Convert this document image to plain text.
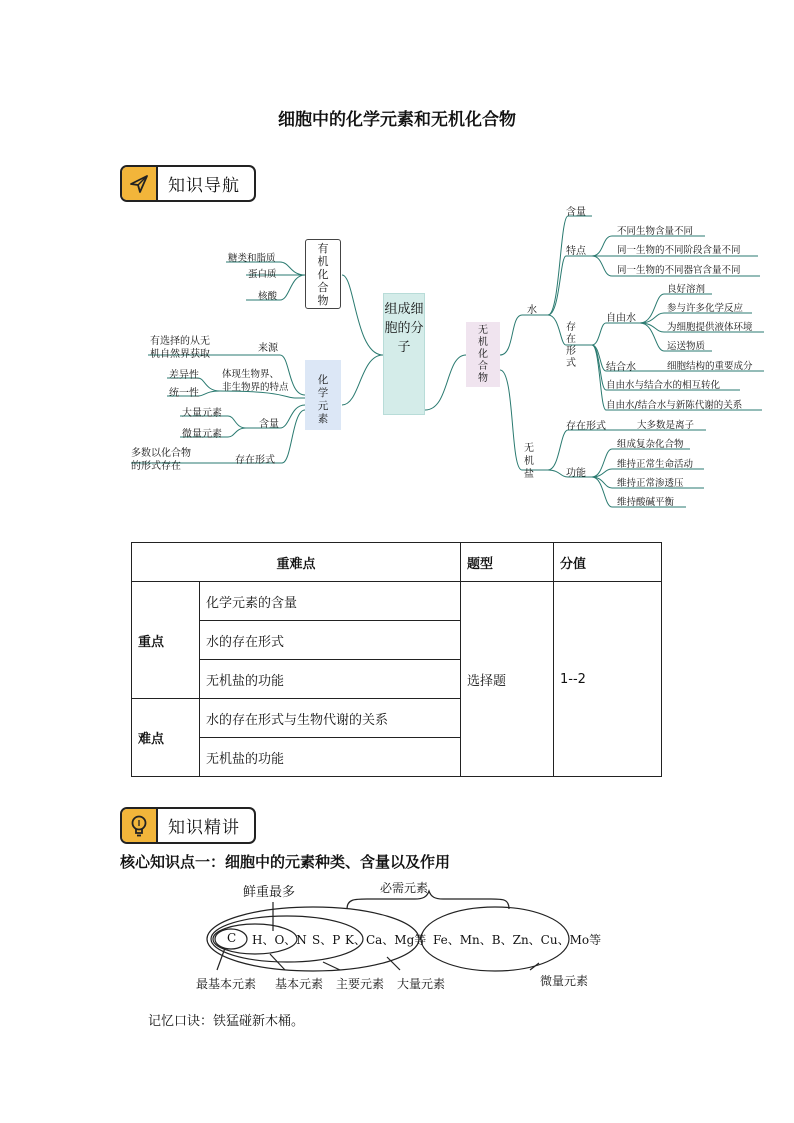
细胞中的化学元素和无机化合物
知识导航
组成细胞的分子
有机化合物
化学元素
无机化合物
糖类和脂质
蛋白质
核酸
来源
有选择的从无
机自然界获取
体现生物界、
非生物界的特点
差异性
统一性
大量元素
微量元素
含量
存在形式
多数以化合物
的形式存在
水
含量
特点
不同生物含量不同
同一生物的不同阶段含量不同
同一生物的不同器官含量不同
存在形式
自由水
良好溶剂
参与许多化学反应
为细胞提供液体环境
运送物质
结合水	细胞结构的重要成分
自由水与结合水的相互转化
自由水/结合水与新陈代谢的关系
无机盐
存在形式	大多数是离子
功能
组成复杂化合物
维持正常生命活动
维持正常渗透压
维持酸碱平衡
重难点		题型	分值
重点	化学元素的含量	选择题	1--2
	水的存在形式		
	无机盐的功能		
难点	水的存在形式与生物代谢的关系		
	无机盐的功能		
知识精讲
核心知识点一：细胞中的元素种类、含量以及作用
鲜重最多	必需元素
C H、O、N S、P K、Ca、Mg等 Fe、Mn、B、Zn、Cu、Mo等
最基本元素 基本元素 主要元素 大量元素	微量元素
记忆口诀：铁猛碰新木桶。
